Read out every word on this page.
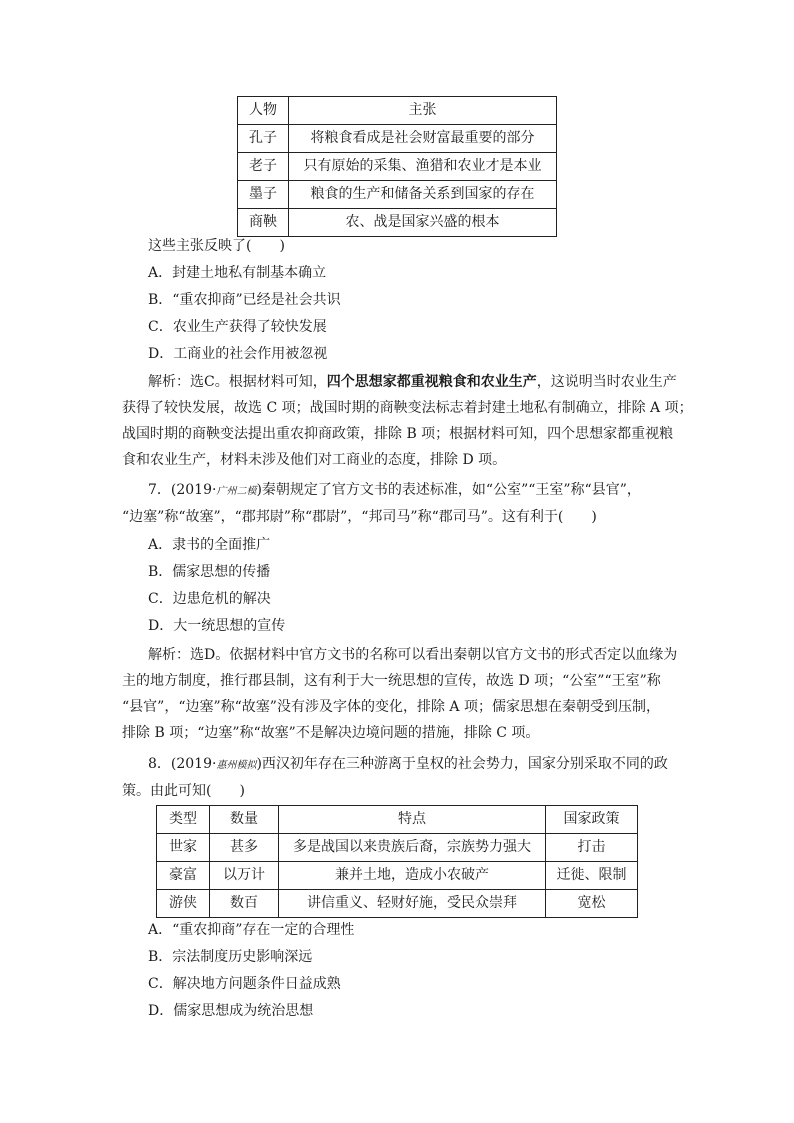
人物	主张
孔子	将粮食看成是社会财富最重要的部分
老子	只有原始的采集、渔猎和农业才是本业
墨子	粮食的生产和储备关系到国家的存在
商鞅	农、战是国家兴盛的根本
这些主张反映了(　　)
A．封建土地私有制基本确立
B．“重农抑商”已经是社会共识
C．农业生产获得了较快发展
D．工商业的社会作用被忽视
解析：选C。根据材料可知，四个思想家都重视粮食和农业生产，这说明当时农业生产
获得了较快发展，故选 C 项；战国时期的商鞅变法标志着封建土地私有制确立，排除 A 项；
战国时期的商鞅变法提出重农抑商政策，排除 B 项；根据材料可知，四个思想家都重视粮
食和农业生产，材料未涉及他们对工商业的态度，排除 D 项。
7．(2019·广州二模)秦朝规定了官方文书的表述标准，如“公室”“王室”称“县官”，
“边塞”称“故塞”，“郡邦尉”称“郡尉”，“邦司马”称“郡司马”。这有利于(　　)
A．隶书的全面推广
B．儒家思想的传播
C．边患危机的解决
D．大一统思想的宣传
解析：选D。依据材料中官方文书的名称可以看出秦朝以官方文书的形式否定以血缘为
主的地方制度，推行郡县制，这有利于大一统思想的宣传，故选 D 项；“公室”“王室”称
“县官”，“边塞”称“故塞”没有涉及字体的变化，排除 A 项；儒家思想在秦朝受到压制，
排除 B 项；“边塞”称“故塞”不是解决边境问题的措施，排除 C 项。
8．(2019·惠州模拟)西汉初年存在三种游离于皇权的社会势力，国家分别采取不同的政
策。由此可知(　　)
类型	数量	特点	国家政策
世家	甚多	多是战国以来贵族后裔，宗族势力强大	打击
豪富	以万计	兼并土地，造成小农破产	迁徙、限制
游侠	数百	讲信重义、轻财好施，受民众崇拜	宽松
A．“重农抑商”存在一定的合理性
B．宗法制度历史影响深远
C．解决地方问题条件日益成熟
D．儒家思想成为统治思想
